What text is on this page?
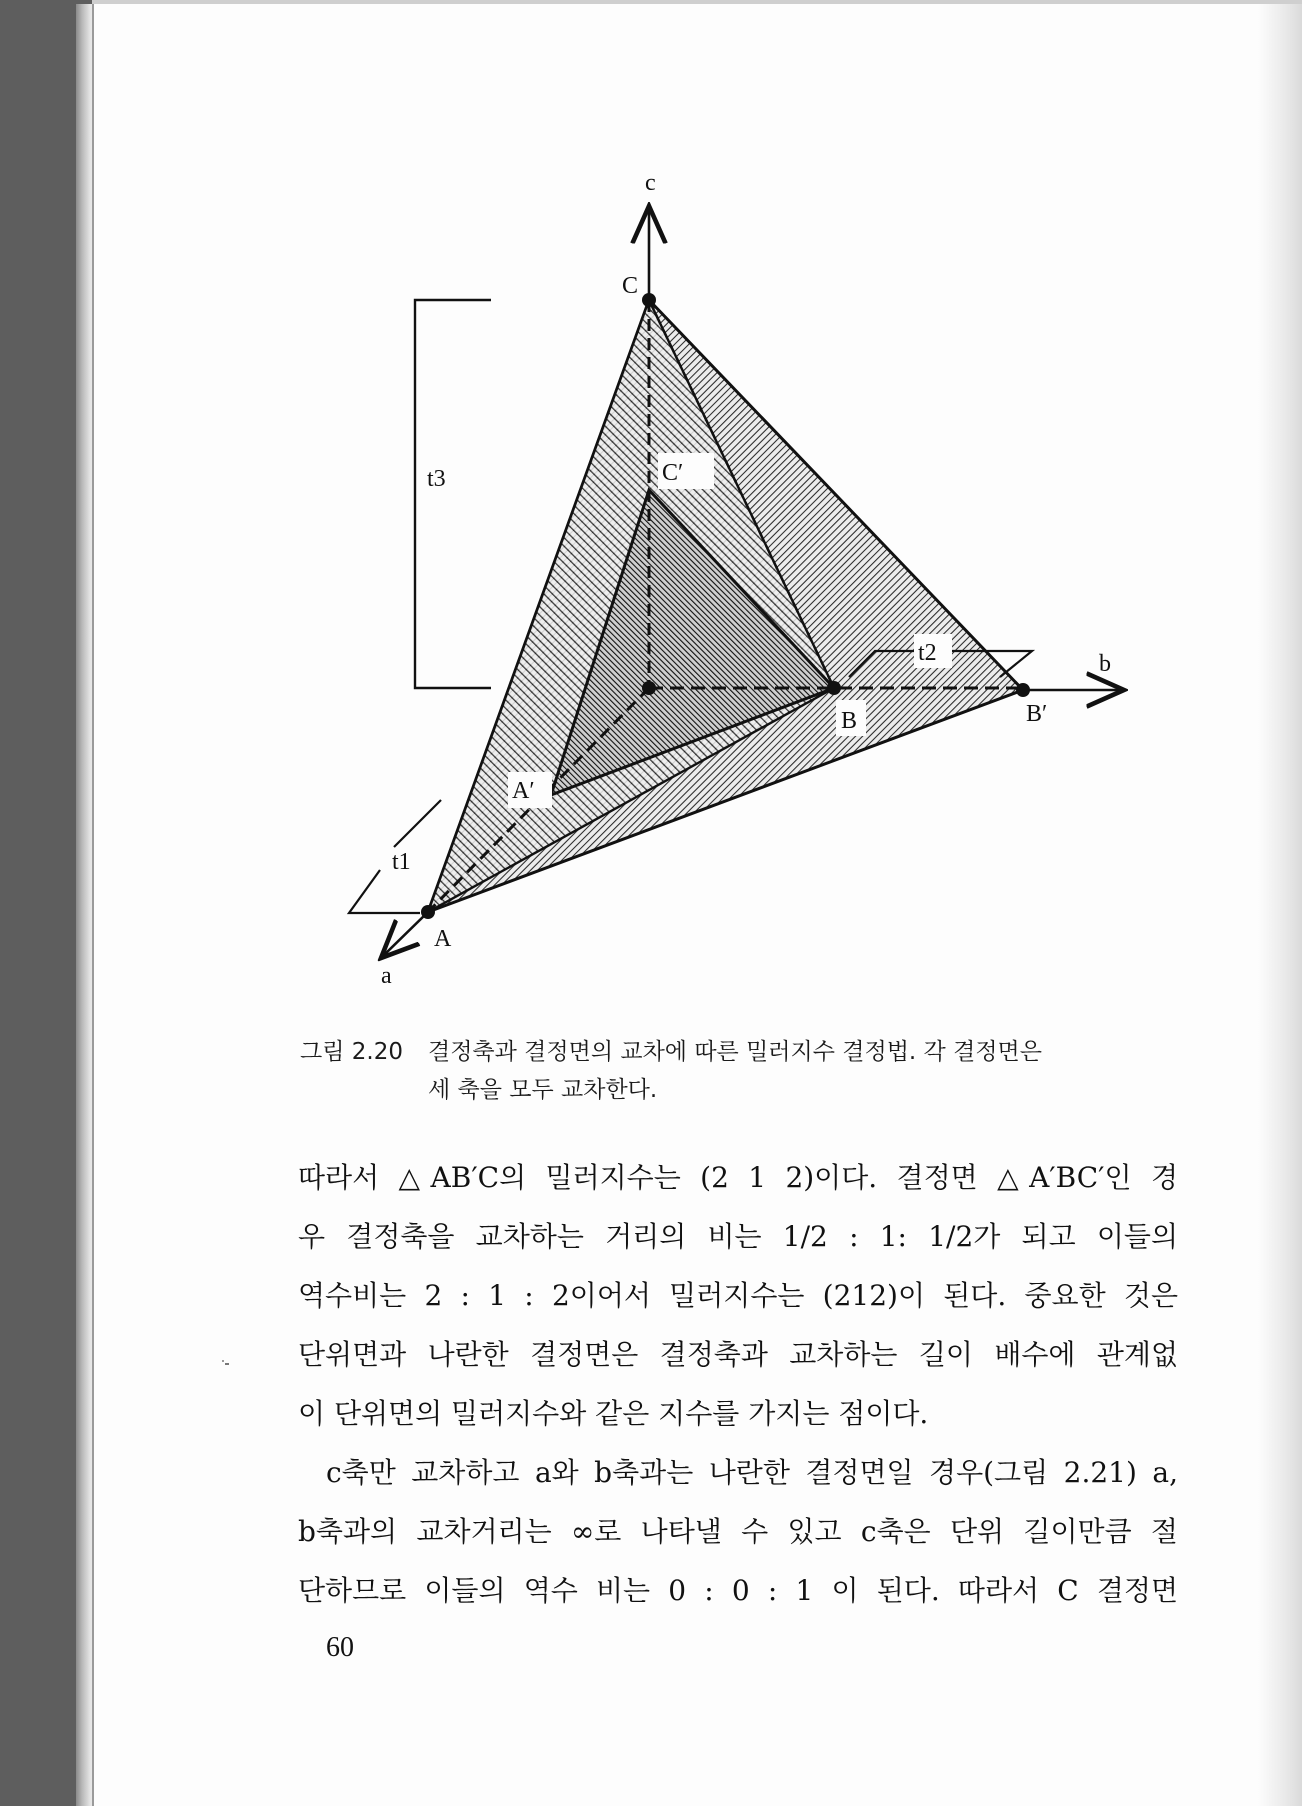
c
b
a
C
C′
B	B′
A
A′
t3
t2
t1
그림 2.20 결정축과 결정면의 교차에 따른 밀러지수 결정법. 각 결정면은
세 축을 모두 교차한다.
따라서 △AB′C의 밀러지수는 (2 1 2)이다. 결정면 △A′BC′인 경
우 결정축을 교차하는 거리의 비는 1/2 : 1: 1/2가 되고 이들의
역수비는 2 : 1 : 2이어서 밀러지수는 (212)이 된다. 중요한 것은
단위면과 나란한 결정면은 결정축과 교차하는 길이 배수에 관계없
이 단위면의 밀러지수와 같은 지수를 가지는 점이다.
c축만 교차하고 a와 b축과는 나란한 결정면일 경우(그림 2.21) a,
b축과의 교차거리는 ∞로 나타낼 수 있고 c축은 단위 길이만큼 절
단하므로 이들의 역수 비는 0 : 0 : 1 이 된다. 따라서 C 결정면
60
